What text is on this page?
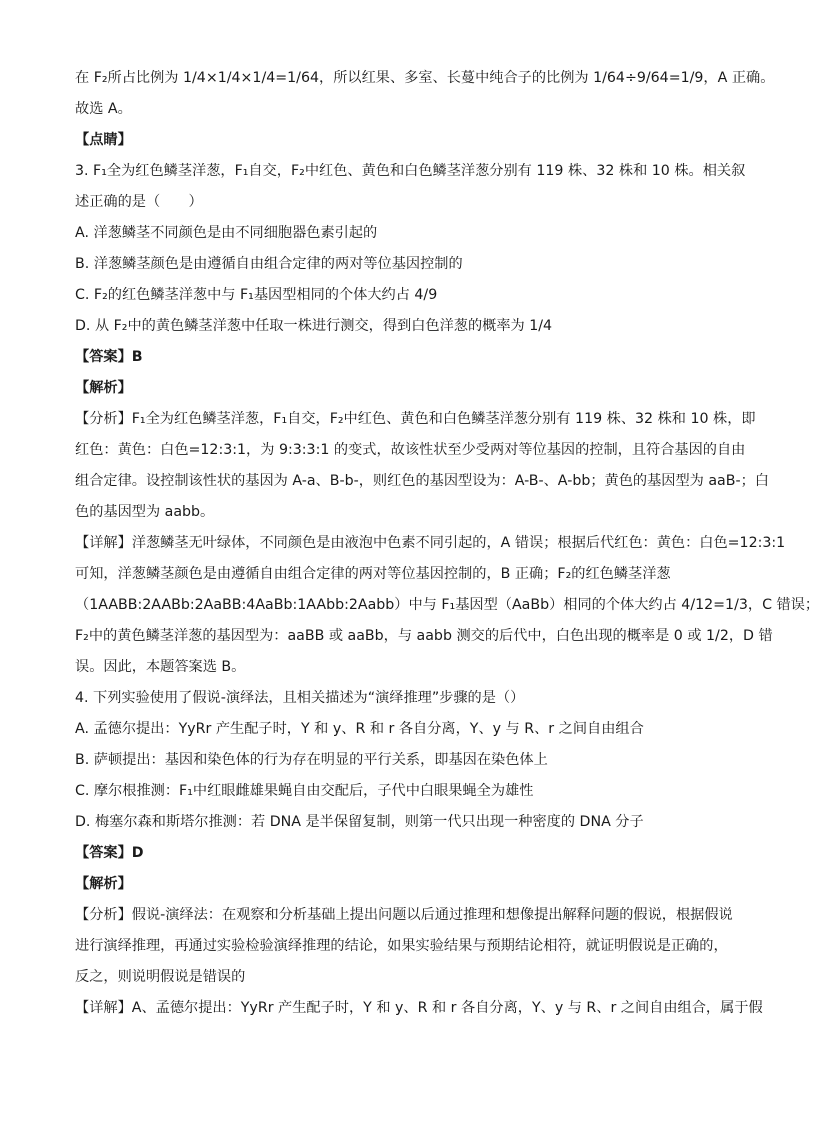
在 F₂所占比例为 1/4×1/4×1/4=1/64，所以红果、多室、长蔓中纯合子的比例为 1/64÷9/64=1/9，A 正确。
故选 A。
【点睛】
3. F₁全为红色鳞茎洋葱，F₁自交，F₂中红色、黄色和白色鳞茎洋葱分别有 119 株、32 株和 10 株。相关叙
述正确的是（　　）
A. 洋葱鳞茎不同颜色是由不同细胞器色素引起的
B. 洋葱鳞茎颜色是由遵循自由组合定律的两对等位基因控制的
C. F₂的红色鳞茎洋葱中与 F₁基因型相同的个体大约占 4/9
D. 从 F₂中的黄色鳞茎洋葱中任取一株进行测交，得到白色洋葱的概率为 1/4
【答案】B
【解析】
【分析】F₁全为红色鳞茎洋葱，F₁自交，F₂中红色、黄色和白色鳞茎洋葱分别有 119 株、32 株和 10 株，即
红色：黄色：白色=12:3:1，为 9:3:3:1 的变式，故该性状至少受两对等位基因的控制，且符合基因的自由
组合定律。设控制该性状的基因为 A-a、B-b-，则红色的基因型设为：A-B-、A-bb；黄色的基因型为 aaB-；白
色的基因型为 aabb。
【详解】洋葱鳞茎无叶绿体，不同颜色是由液泡中色素不同引起的，A 错误；根据后代红色：黄色：白色=12:3:1
可知，洋葱鳞茎颜色是由遵循自由组合定律的两对等位基因控制的，B 正确；F₂的红色鳞茎洋葱
（1AABB:2AABb:2AaBB:4AaBb:1AAbb:2Aabb）中与 F₁基因型（AaBb）相同的个体大约占 4/12=1/3，C 错误；
F₂中的黄色鳞茎洋葱的基因型为：aaBB 或 aaBb，与 aabb 测交的后代中，白色出现的概率是 0 或 1/2，D 错
误。因此，本题答案选 B。
4. 下列实验使用了假说-演绎法，且相关描述为“演绎推理”步骤的是（）
A. 孟德尔提出：YyRr 产生配子时，Y 和 y、R 和 r 各自分离，Y、y 与 R、r 之间自由组合
B. 萨顿提出：基因和染色体的行为存在明显的平行关系，即基因在染色体上
C. 摩尔根推测：F₁中红眼雌雄果蝇自由交配后，子代中白眼果蝇全为雄性
D. 梅塞尔森和斯塔尔推测：若 DNA 是半保留复制，则第一代只出现一种密度的 DNA 分子
【答案】D
【解析】
【分析】假说-演绎法：在观察和分析基础上提出问题以后通过推理和想像提出解释问题的假说，根据假说
进行演绎推理，再通过实验检验演绎推理的结论，如果实验结果与预期结论相符，就证明假说是正确的，
反之，则说明假说是错误的
【详解】A、孟德尔提出：YyRr 产生配子时，Y 和 y、R 和 r 各自分离，Y、y 与 R、r 之间自由组合，属于假
